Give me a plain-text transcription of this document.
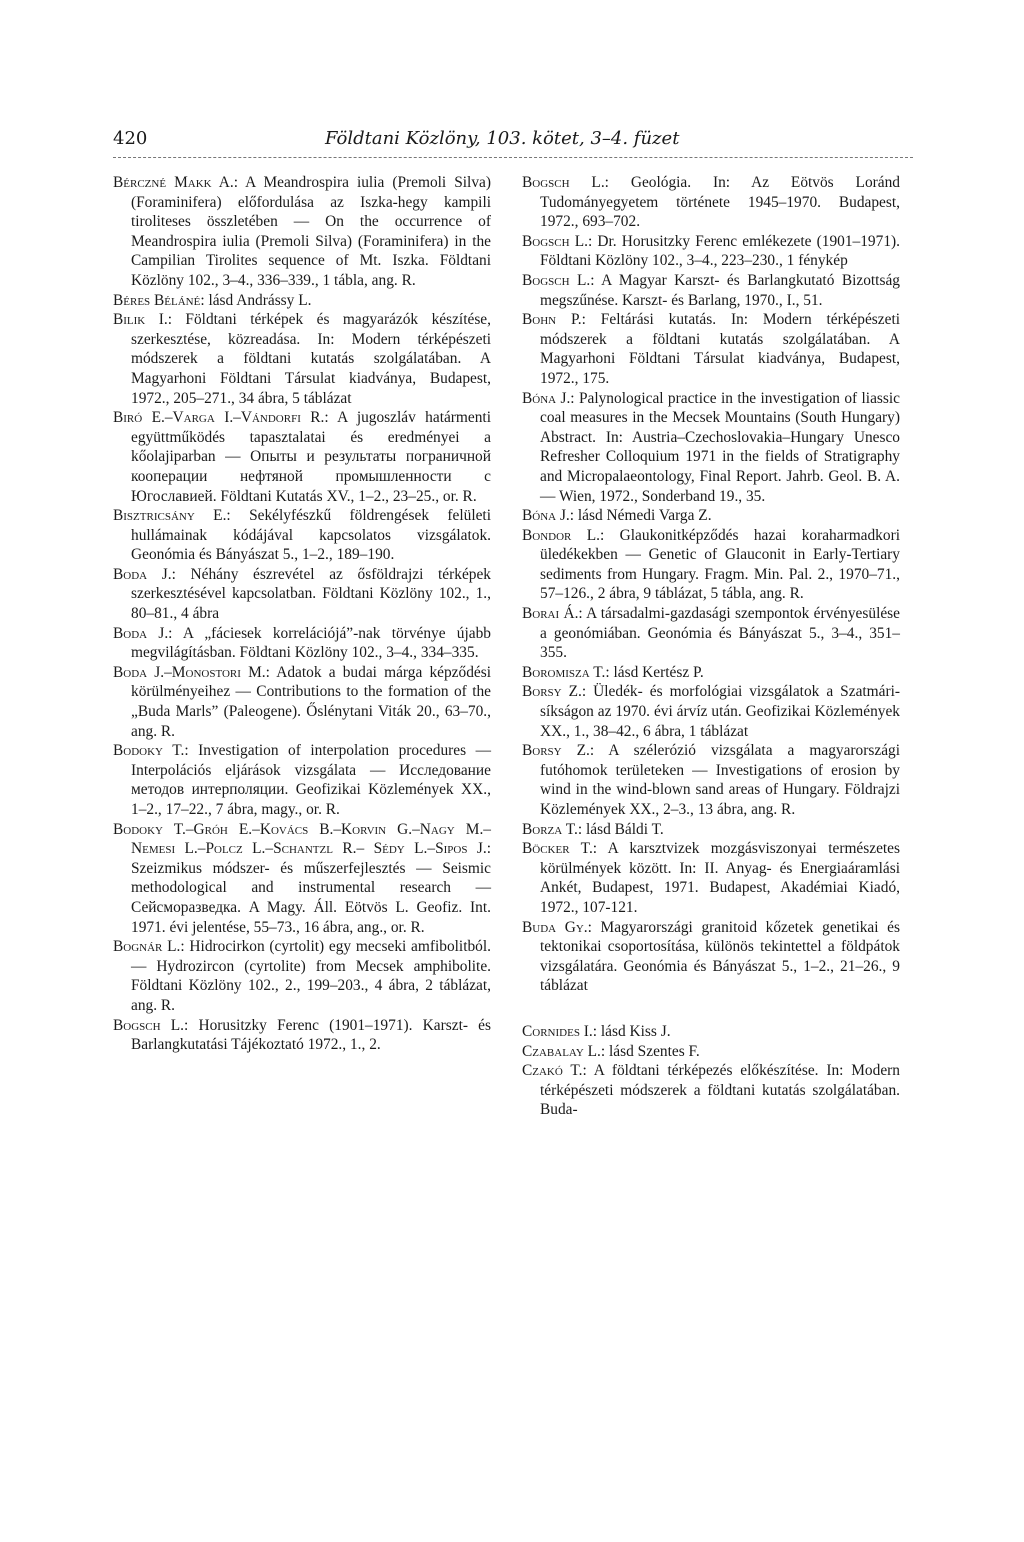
420	Földtani Közlöny, 103. kötet, 3–4. füzet
Bérczné Makk A.: A Meandrospira iulia (Premoli Silva) (Foraminifera) előfordulása az Iszka-hegy kampili tiroliteses összletében — On the occurrence of Meandrospira iulia (Premoli Silva) (Foraminifera) in the Campilian Tirolites sequence of Mt. Iszka. Földtani Közlöny 102., 3–4., 336–339., 1 tábla, ang. R.
Béres Béláné: lásd Andrássy L.
Bilik I.: Földtani térképek és magyarázók készítése, szerkesztése, közreadása. In: Modern térképészeti módszerek a földtani kutatás szolgálatában. A Magyarhoni Földtani Társulat kiadványa, Budapest, 1972., 205–271., 34 ábra, 5 táblázat
Biró E.–Varga I.–Vándorfi R.: A jugoszláv határmenti együttműködés tapasztalatai és eredményei a kőolajiparban — Опыты и результаты пограничной кооперации нефтяной промышленности с Югославией. Földtani Kutatás XV., 1–2., 23–25., or. R.
Bisztricsány E.: Sekélyfészkű földrengések felületi hullámainak kódájával kapcsolatos vizsgálatok. Geonómia és Bányászat 5., 1–2., 189–190.
Boda J.: Néhány észrevétel az ősföldrajzi térképek szerkesztésével kapcsolatban. Földtani Közlöny 102., 1., 80–81., 4 ábra
Boda J.: A „fáciesek korrelációjá”-nak törvénye újabb megvilágításban. Földtani Közlöny 102., 3–4., 334–335.
Boda J.–Monostori M.: Adatok a budai márga képződési körülményeihez — Contributions to the formation of the „Buda Marls” (Paleogene). Őslénytani Viták 20., 63–70., ang. R.
Bodoky T.: Investigation of interpolation procedures — Interpolációs eljárások vizsgálata — Исследование методов интерполяции. Geofizikai Közlemények XX., 1–2., 17–22., 7 ábra, magy., or. R.
Bodoky T.–Gróh E.–Kovács B.–Korvin G.–Nagy M.–Nemesi L.–Polcz L.–Schantzl R.– Sédy L.–Sipos J.: Szeizmikus módszer- és műszerfejlesztés — Seismic methodological and instrumental research — Сейсморазведка. A Magy. Áll. Eötvös L. Geofiz. Int. 1971. évi jelentése, 55–73., 16 ábra, ang., or. R.
Bognár L.: Hidrocirkon (cyrtolit) egy mecseki amfibolitból. — Hydrozircon (cyrtolite) from Mecsek amphibolite. Földtani Közlöny 102., 2., 199–203., 4 ábra, 2 táblázat, ang. R.
Bogsch L.: Horusitzky Ferenc (1901–1971). Karszt- és Barlangkutatási Tájékoztató 1972., 1., 2.
Bogsch L.: Geológia. In: Az Eötvös Loránd Tudományegyetem története 1945–1970. Budapest, 1972., 693–702.
Bogsch L.: Dr. Horusitzky Ferenc emlékezete (1901–1971). Földtani Közlöny 102., 3–4., 223–230., 1 fénykép
Bogsch L.: A Magyar Karszt- és Barlangkutató Bizottság megszűnése. Karszt- és Barlang, 1970., I., 51.
Bohn P.: Feltárási kutatás. In: Modern térképészeti módszerek a földtani kutatás szolgálatában. A Magyarhoni Földtani Társulat kiadványa, Budapest, 1972., 175.
Bóna J.: Palynological practice in the investigation of liassic coal measures in the Mecsek Mountains (South Hungary) Abstract. In: Austria–Czechoslovakia–Hungary Unesco Refresher Colloquium 1971 in the fields of Stratigraphy and Micropalaeontology, Final Report. Jahrb. Geol. B. A. — Wien, 1972., Sonderband 19., 35.
Bóna J.: lásd Némedi Varga Z.
Bondor L.: Glaukonitképződés hazai koraharmadkori üledékekben — Genetic of Glauconit in Early-Tertiary sediments from Hungary. Fragm. Min. Pal. 2., 1970–71., 57–126., 2 ábra, 9 táblázat, 5 tábla, ang. R.
Borai Á.: A társadalmi-gazdasági szempontok érvényesülése a geonómiában. Geonómia és Bányászat 5., 3–4., 351–355.
Boromisza T.: lásd Kertész P.
Borsy Z.: Üledék- és morfológiai vizsgálatok a Szatmári-síkságon az 1970. évi árvíz után. Geofizikai Közlemények XX., 1., 38–42., 6 ábra, 1 táblázat
Borsy Z.: A szélerózió vizsgálata a magyarországi futóhomok területeken — Investigations of erosion by wind in the wind-blown sand areas of Hungary. Földrajzi Közlemények XX., 2–3., 13 ábra, ang. R.
Borza T.: lásd Báldi T.
Böcker T.: A karsztvizek mozgásviszonyai természetes körülmények között. In: II. Anyag- és Energiaáramlási Ankét, Budapest, 1971. Budapest, Akadémiai Kiadó, 1972., 107-121.
Buda Gy.: Magyarországi granitoid kőzetek genetikai és tektonikai csoportosítása, különös tekintettel a földpátok vizsgálatára. Geonómia és Bányászat 5., 1–2., 21–26., 9 táblázat
Cornides I.: lásd Kiss J.
Czabalay L.: lásd Szentes F.
Czakó T.: A földtani térképezés előkészítése. In: Modern térképészeti módszerek a földtani kutatás szolgálatában. Buda-
